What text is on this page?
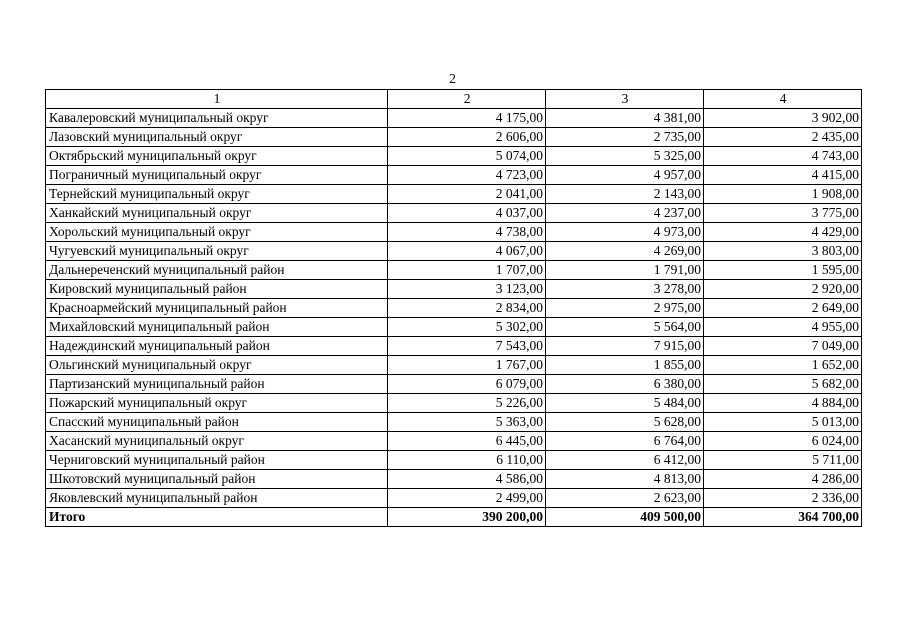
2
1	2	3	4
Кавалеровский муниципальный округ	4 175,00	4 381,00	3 902,00
Лазовский муниципальный округ	2 606,00	2 735,00	2 435,00
Октябрьский муниципальный округ	5 074,00	5 325,00	4 743,00
Пограничный муниципальный округ	4 723,00	4 957,00	4 415,00
Тернейский муниципальный округ	2 041,00	2 143,00	1 908,00
Ханкайский муниципальный округ	4 037,00	4 237,00	3 775,00
Хорольский муниципальный округ	4 738,00	4 973,00	4 429,00
Чугуевский муниципальный округ	4 067,00	4 269,00	3 803,00
Дальнереченский муниципальный район	1 707,00	1 791,00	1 595,00
Кировский муниципальный район	3 123,00	3 278,00	2 920,00
Красноармейский муниципальный район	2 834,00	2 975,00	2 649,00
Михайловский муниципальный район	5 302,00	5 564,00	4 955,00
Надеждинский муниципальный район	7 543,00	7 915,00	7 049,00
Ольгинский муниципальный округ	1 767,00	1 855,00	1 652,00
Партизанский муниципальный район	6 079,00	6 380,00	5 682,00
Пожарский муниципальный округ	5 226,00	5 484,00	4 884,00
Спасский муниципальный район	5 363,00	5 628,00	5 013,00
Хасанский муниципальный округ	6 445,00	6 764,00	6 024,00
Черниговский муниципальный район	6 110,00	6 412,00	5 711,00
Шкотовский муниципальный район	4 586,00	4 813,00	4 286,00
Яковлевский муниципальный район	2 499,00	2 623,00	2 336,00
Итого	390 200,00	409 500,00	364 700,00
